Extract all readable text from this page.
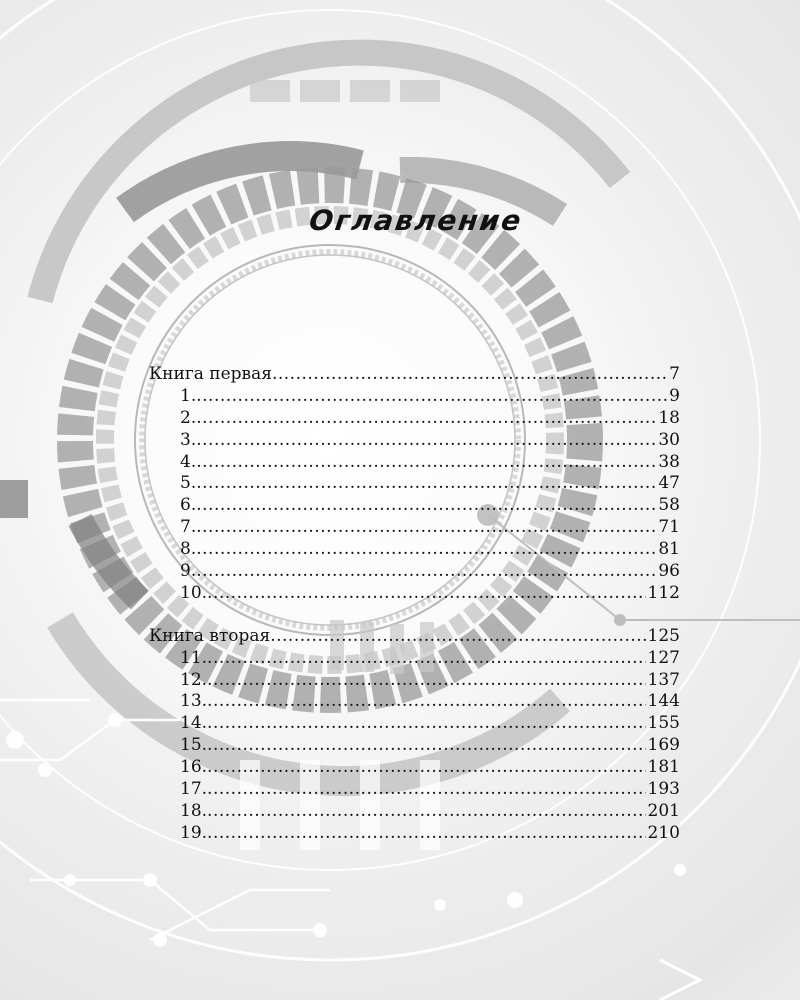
Оглавление
Книга первая .....	7
1. .....	9
2. .....	18
3. .....	30
4. .....	38
5. .....	47
6. .....	58
7. .....	71
8. .....	81
9. .....	96
10. .....	112
Книга вторая .....	125
11. .....	127
12. .....	137
13. .....	144
14. .....	155
15. .....	169
16. .....	181
17. .....	193
18. .....	201
19. .....	210
